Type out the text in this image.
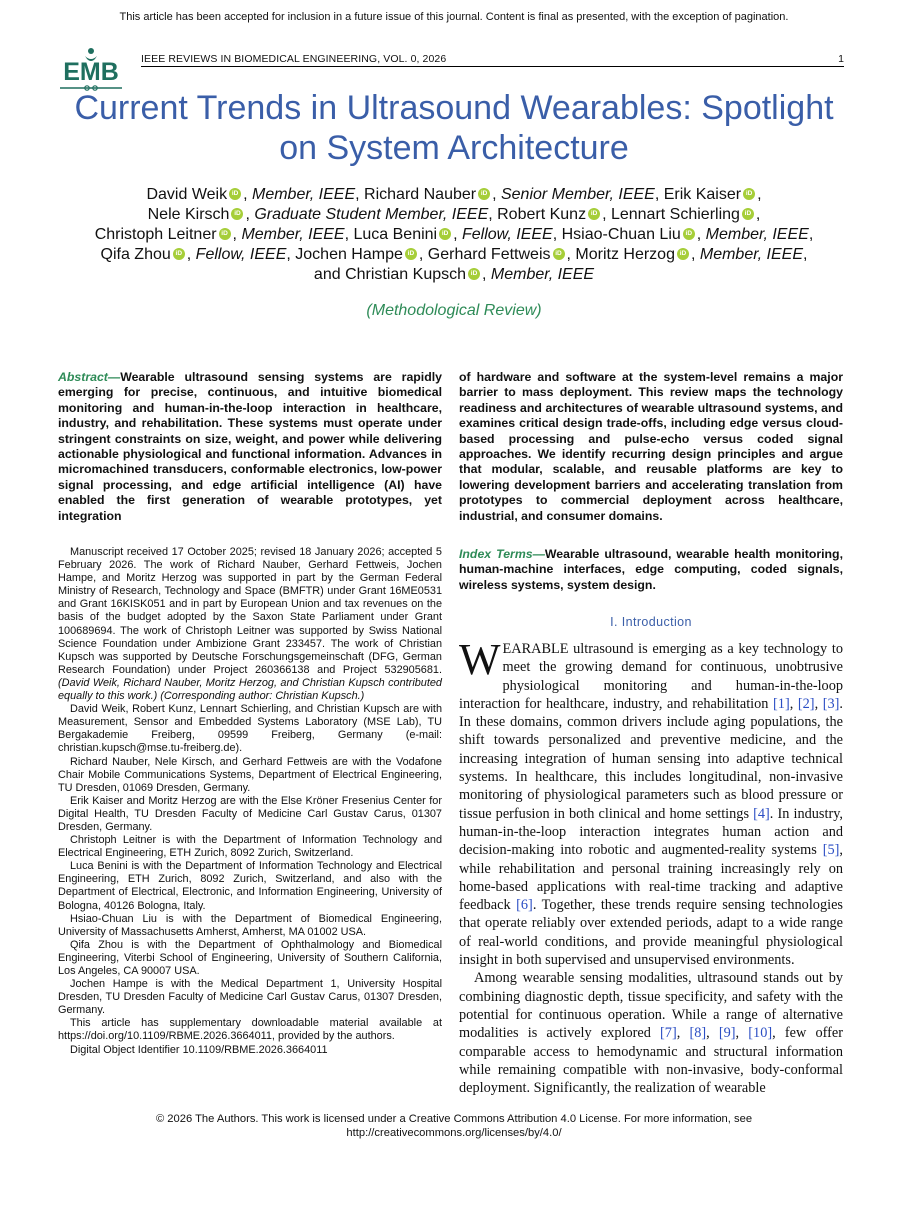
This article has been accepted for inclusion in a future issue of this journal. Content is final as presented, with the exception of pagination.
EMB IEEE REVIEWS IN BIOMEDICAL ENGINEERING, VOL. 0, 2026	1
Current Trends in Ultrasound Wearables: Spotlight on System Architecture
David Weik iD , Member, IEEE, Richard Nauber iD , Senior Member, IEEE, Erik Kaiser iD ,
Nele Kirsch iD , Graduate Student Member, IEEE, Robert Kunz iD , Lennart Schierling iD ,
Christoph Leitner iD , Member, IEEE, Luca Benini iD , Fellow, IEEE, Hsiao-Chuan Liu iD , Member, IEEE,
Qifa Zhou iD , Fellow, IEEE, Jochen Hampe iD , Gerhard Fettweis iD , Moritz Herzog iD , Member, IEEE,
and Christian Kupsch iD , Member, IEEE
(Methodological Review)

Abstract—Wearable ultrasound sensing systems are rapidly emerging for precise, continuous, and intuitive biomedical monitoring and human-in-the-loop interaction in healthcare, industry, and rehabilitation. These systems must operate under stringent constraints on size, weight, and power while delivering actionable physiological and functional information. Advances in micromachined transducers, conformable electronics, low-power signal processing, and edge artificial intelligence (AI) have enabled the first generation of wearable prototypes, yet integration

of hardware and software at the system-level remains a major barrier to mass deployment. This review maps the technology readiness and architectures of wearable ultrasound systems, and examines critical design trade-offs, including edge versus cloud-based processing and pulse-echo versus coded signal approaches. We identify recurring design principles and argue that modular, scalable, and reusable platforms are key to lowering development barriers and accelerating translation from prototypes to commercial deployment across healthcare, industrial, and consumer domains.

Index Terms—Wearable ultrasound, wearable health monitoring, human-machine interfaces, edge computing, coded signals, wireless systems, system design.

Manuscript received 17 October 2025; revised 18 January 2026; accepted 5 February 2026. The work of Richard Nauber, Gerhard Fettweis, Jochen Hampe, and Moritz Herzog was supported in part by the German Federal Ministry of Research, Technology and Space (BMFTR) under Grant 16ME0531 and Grant 16KISK051 and in part by European Union and tax revenues on the basis of the budget adopted by the Saxon State Parliament under Grant 100689694. The work of Christoph Leitner was supported by Swiss National Science Foundation under Ambizione Grant 233457. The work of Christian Kupsch was supported by Deutsche Forschungsgemeinschaft (DFG, German Research Foundation) under Project 260366138 and Project 532905681. (David Weik, Richard Nauber, Moritz Herzog, and Christian Kupsch contributed equally to this work.) (Corresponding author: Christian Kupsch.)

David Weik, Robert Kunz, Lennart Schierling, and Christian Kupsch are with Measurement, Sensor and Embedded Systems Laboratory (MSE Lab), TU Bergakademie Freiberg, 09599 Freiberg, Germany (e-mail: christian.kupsch@mse.tu-freiberg.de).

Richard Nauber, Nele Kirsch, and Gerhard Fettweis are with the Vodafone Chair Mobile Communications Systems, Department of Electrical Engineering, TU Dresden, 01069 Dresden, Germany.

Erik Kaiser and Moritz Herzog are with the Else Kröner Fresenius Center for Digital Health, TU Dresden Faculty of Medicine Carl Gustav Carus, 01307 Dresden, Germany.

Christoph Leitner is with the Department of Information Technology and Electrical Engineering, ETH Zurich, 8092 Zurich, Switzerland.

Luca Benini is with the Department of Information Technology and Electrical Engineering, ETH Zurich, 8092 Zurich, Switzerland, and also with the Department of Electrical, Electronic, and Information Engineering, University of Bologna, 40126 Bologna, Italy.

Hsiao-Chuan Liu is with the Department of Biomedical Engineering, University of Massachusetts Amherst, Amherst, MA 01002 USA.

Qifa Zhou is with the Department of Ophthalmology and Biomedical Engineering, Viterbi School of Engineering, University of Southern California, Los Angeles, CA 90007 USA.

Jochen Hampe is with the Medical Department 1, University Hospital Dresden, TU Dresden Faculty of Medicine Carl Gustav Carus, 01307 Dresden, Germany.

This article has supplementary downloadable material available at https://doi.org/10.1109/RBME.2026.3664011, provided by the authors.

Digital Object Identifier 10.1109/RBME.2026.3664011

I. Introduction

WEARABLE ultrasound is emerging as a key technology to meet the growing demand for continuous, unobtrusive physiological monitoring and human-in-the-loop interaction for healthcare, industry, and rehabilitation [1], [2], [3]. In these domains, common drivers include aging populations, the shift towards personalized and preventive medicine, and the increasing integration of human sensing into adaptive technical systems. In healthcare, this includes longitudinal, non-invasive monitoring of physiological parameters such as blood pressure or tissue perfusion in both clinical and home settings [4]. In industry, human-in-the-loop interaction integrates human action and decision-making into robotic and augmented-reality systems [5], while rehabilitation and personal training increasingly rely on home-based applications with real-time tracking and adaptive feedback [6]. Together, these trends require sensing technologies that operate reliably over extended periods, adapt to a wide range of real-world conditions, and provide meaningful physiological insight in both supervised and unsupervised environments.

Among wearable sensing modalities, ultrasound stands out by combining diagnostic depth, tissue specificity, and safety with the potential for continuous operation. While a range of alternative modalities is actively explored [7], [8], [9], [10], few offer comparable access to hemodynamic and structural information while remaining compatible with non-invasive, body-conformal deployment. Significantly, the realization of wearable

© 2026 The Authors. This work is licensed under a Creative Commons Attribution 4.0 License. For more information, see
http://creativecommons.org/licenses/by/4.0/
